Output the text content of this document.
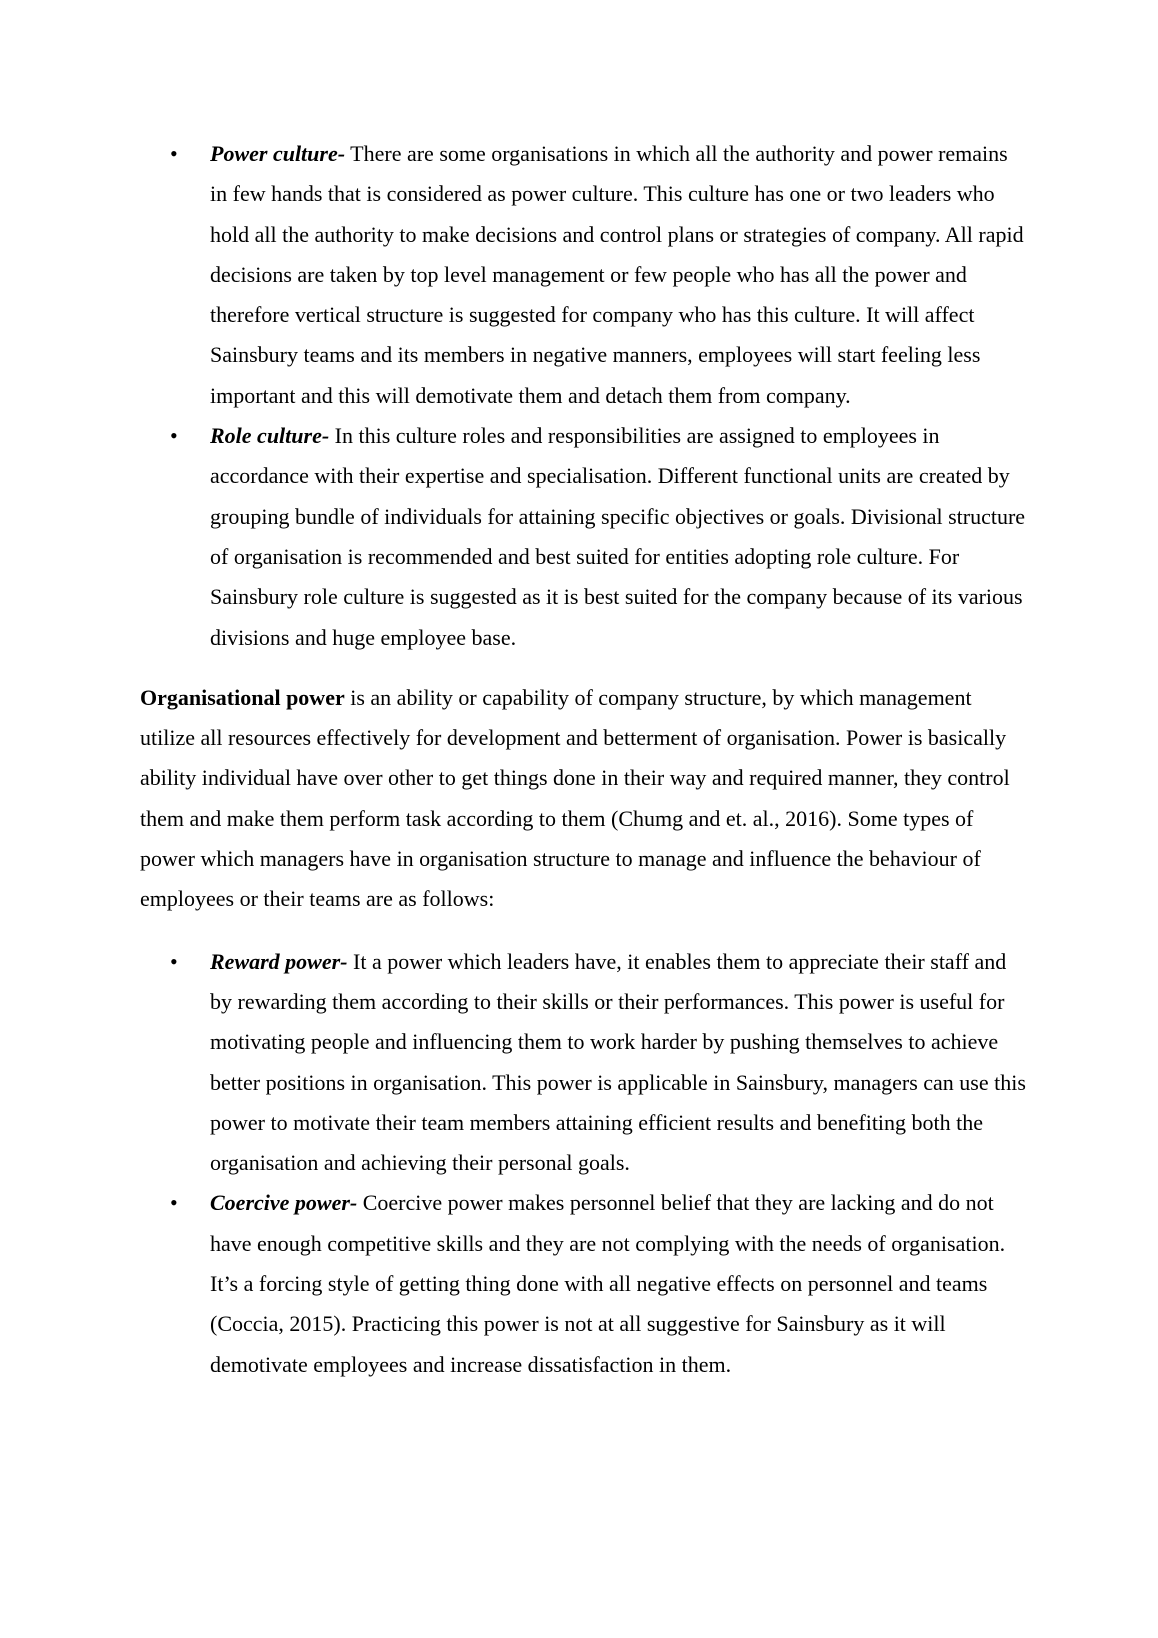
• Power culture- There are some organisations in which all the authority and power remains in few hands that is considered as power culture. This culture has one or two leaders who hold all the authority to make decisions and control plans or strategies of company. All rapid decisions are taken by top level management or few people who has all the power and therefore vertical structure is suggested for company who has this culture. It will affect Sainsbury teams and its members in negative manners, employees will start feeling less important and this will demotivate them and detach them from company.
• Role culture- In this culture roles and responsibilities are assigned to employees in accordance with their expertise and specialisation. Different functional units are created by grouping bundle of individuals for attaining specific objectives or goals. Divisional structure of organisation is recommended and best suited for entities adopting role culture. For Sainsbury role culture is suggested as it is best suited for the company because of its various divisions and huge employee base.

Organisational power is an ability or capability of company structure, by which management utilize all resources effectively for development and betterment of organisation. Power is basically ability individual have over other to get things done in their way and required manner, they control them and make them perform task according to them (Chumg and et. al., 2016). Some types of power which managers have in organisation structure to manage and influence the behaviour of employees or their teams are as follows:

• Reward power- It a power which leaders have, it enables them to appreciate their staff and by rewarding them according to their skills or their performances. This power is useful for motivating people and influencing them to work harder by pushing themselves to achieve better positions in organisation. This power is applicable in Sainsbury, managers can use this power to motivate their team members attaining efficient results and benefiting both the organisation and achieving their personal goals.
• Coercive power- Coercive power makes personnel belief that they are lacking and do not have enough competitive skills and they are not complying with the needs of organisation. It’s a forcing style of getting thing done with all negative effects on personnel and teams (Coccia, 2015). Practicing this power is not at all suggestive for Sainsbury as it will demotivate employees and increase dissatisfaction in them.
